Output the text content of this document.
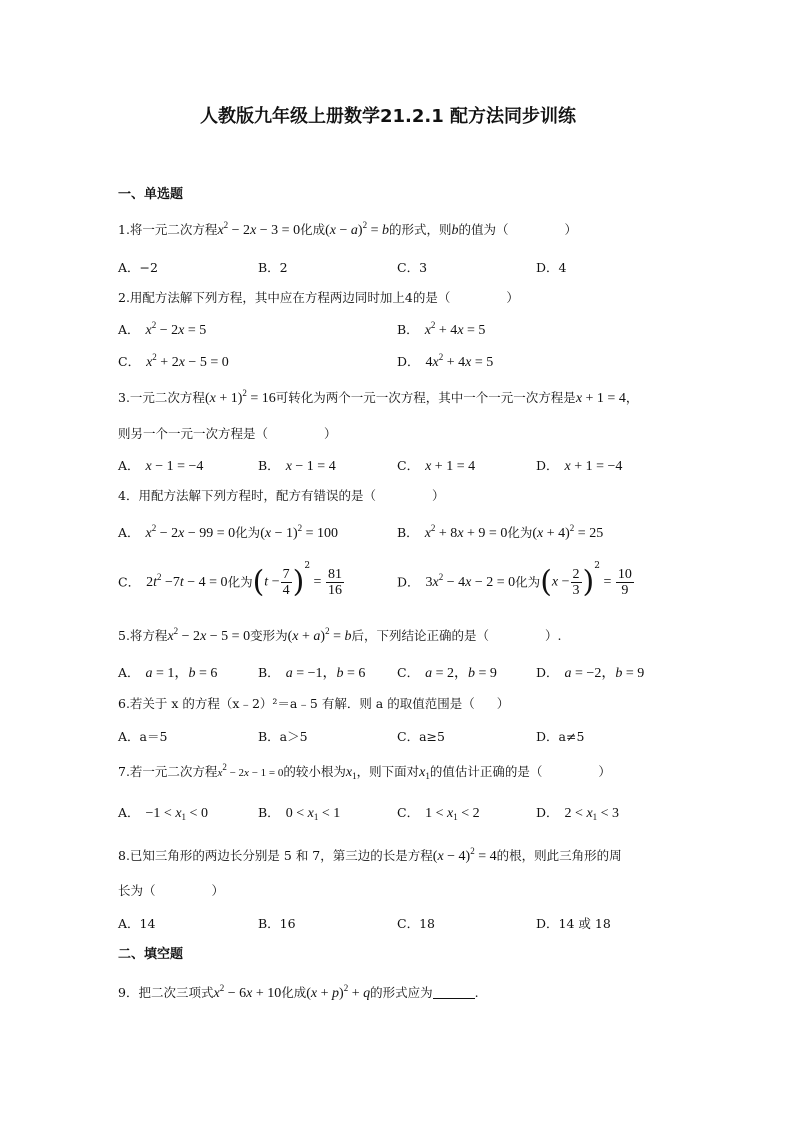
人教版九年级上册数学21.2.1 配方法同步训练
一、单选题
1.将一元二次方程$x^2 - 2x - 3 = 0$化成$(x - a)^2 = b$的形式，则b的值为（	）
A．−2	B．2	C．3	D．4
2.用配方法解下列方程，其中应在方程两边同时加上4的是（	）
A． $x^2 - 2x = 5$	B． $x^2 + 4x = 5$
C． $x^2 + 2x - 5 = 0$	D． $4x^2 + 4x = 5$
3.一元二次方程$(x + 1)^2 = 16$可转化为两个一元一次方程，其中一个一元一次方程是x + 1 = 4，
则另一个一元一次方程是（	）
A． x − 1 = −4	B． x − 1 = 4	C． x + 1 = 4	D． x + 1 = −4
4．用配方法解下列方程时，配方有错误的是（	）
A． $x^2 - 2x - 99 = 0$化为$(x - 1)^2 = 100$	B． $x^2 + 8x + 9 = 0$化为$(x + 4)^2 = 25$
C． $2t^2 -7t - 4 = 0$化为$(t - \frac{7}{4} )^2 = \frac{81}{16}$	D． $3x^2 - 4x - 2 = 0$化为$(x - \frac{2}{3} )^2 = \frac{10}{9}$
5.将方程$x^2 - 2x - 5 = 0$变形为$(x + a)^2 = b$后，下列结论正确的是（	）.
A． a = 1，b = 6	B． a = −1，b = 6	C． a = 2，b = 9	D． a = −2，b = 9
6.若关于 x 的方程（x﹣2）²＝a﹣5 有解．则 a 的取值范围是（ ）
A．a＝5	B．a＞5	C．a≥5	D．a≠5
7.若一元二次方程$x^2 - 2x - 1 = 0$的较小根为$x_1$，则下面对$x_1$的值估计正确的是（	）
A． $-1 < x_1 < 0$	B． $0 < x_1 < 1$	C． $1 < x_1 < 2$	D． $2 < x_1 < 3$
8.已知三角形的两边长分别是 5 和 7，第三边的长是方程$(x - 4)^2 = 4$的根，则此三角形的周
长为（	）
A．14	B．16	C．18	D．14 或 18
二、填空题
9．把二次三项式$x^2 - 6x + 10$化成$(x + p)^2 + q$的形式应为	.
